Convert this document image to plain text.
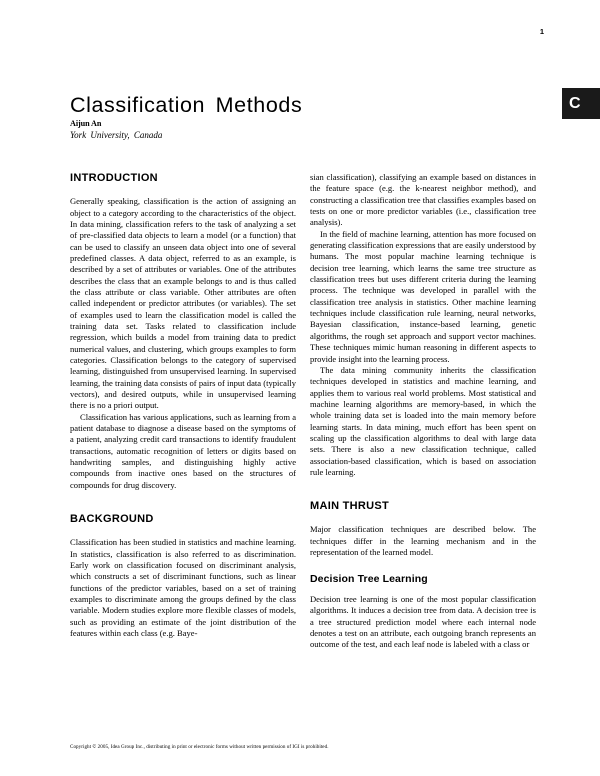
1
C
Classification Methods
Aijun An
York University, Canada
INTRODUCTION

Generally speaking, classification is the action of assigning an object to a category according to the characteristics of the object. In data mining, classification refers to the task of analyzing a set of pre-classified data objects to learn a model (or a function) that can be used to classify an unseen data object into one of several predefined classes. A data object, referred to as an example, is described by a set of attributes or variables. One of the attributes describes the class that an example belongs to and is thus called the class attribute or class variable. Other attributes are often called independent or predictor attributes (or variables). The set of examples used to learn the classification model is called the training data set. Tasks related to classification include regression, which builds a model from training data to predict numerical values, and clustering, which groups examples to form categories. Classification belongs to the category of supervised learning, distinguished from unsupervised learning. In supervised learning, the training data consists of pairs of input data (typically vectors), and desired outputs, while in unsupervised learning there is no a priori output.

Classification has various applications, such as learning from a patient database to diagnose a disease based on the symptoms of a patient, analyzing credit card transactions to identify fraudulent transactions, automatic recognition of letters or digits based on handwriting samples, and distinguishing highly active compounds from inactive ones based on the structures of compounds for drug discovery.

BACKGROUND

Classification has been studied in statistics and machine learning. In statistics, classification is also referred to as discrimination. Early work on classification focused on discriminant analysis, which constructs a set of discriminant functions, such as linear functions of the predictor variables, based on a set of training examples to discriminate among the groups defined by the class variable. Modern studies explore more flexible classes of models, such as providing an estimate of the joint distribution of the features within each class (e.g. Baye-

sian classification), classifying an example based on distances in the feature space (e.g. the k-nearest neighbor method), and constructing a classification tree that classifies examples based on tests on one or more predictor variables (i.e., classification tree analysis).

In the field of machine learning, attention has more focused on generating classification expressions that are easily understood by humans. The most popular machine learning technique is decision tree learning, which learns the same tree structure as classification trees but uses different criteria during the learning process. The technique was developed in parallel with the classification tree analysis in statistics. Other machine learning techniques include classification rule learning, neural networks, Bayesian classification, instance-based learning, genetic algorithms, the rough set approach and support vector machines. These techniques mimic human reasoning in different aspects to provide insight into the learning process.

The data mining community inherits the classification techniques developed in statistics and machine learning, and applies them to various real world problems. Most statistical and machine learning algorithms are memory-based, in which the whole training data set is loaded into the main memory before learning starts. In data mining, much effort has been spent on scaling up the classification algorithms to deal with large data sets. There is also a new classification technique, called association-based classification, which is based on association rule learning.

MAIN THRUST

Major classification techniques are described below. The techniques differ in the learning mechanism and in the representation of the learned model.

Decision Tree Learning

Decision tree learning is one of the most popular classification algorithms. It induces a decision tree from data. A decision tree is a tree structured prediction model where each internal node denotes a test on an attribute, each outgoing branch represents an outcome of the test, and each leaf node is labeled with a class or

Copyright © 2005, Idea Group Inc., distributing in print or electronic forms without written permission of IGI is prohibited.
